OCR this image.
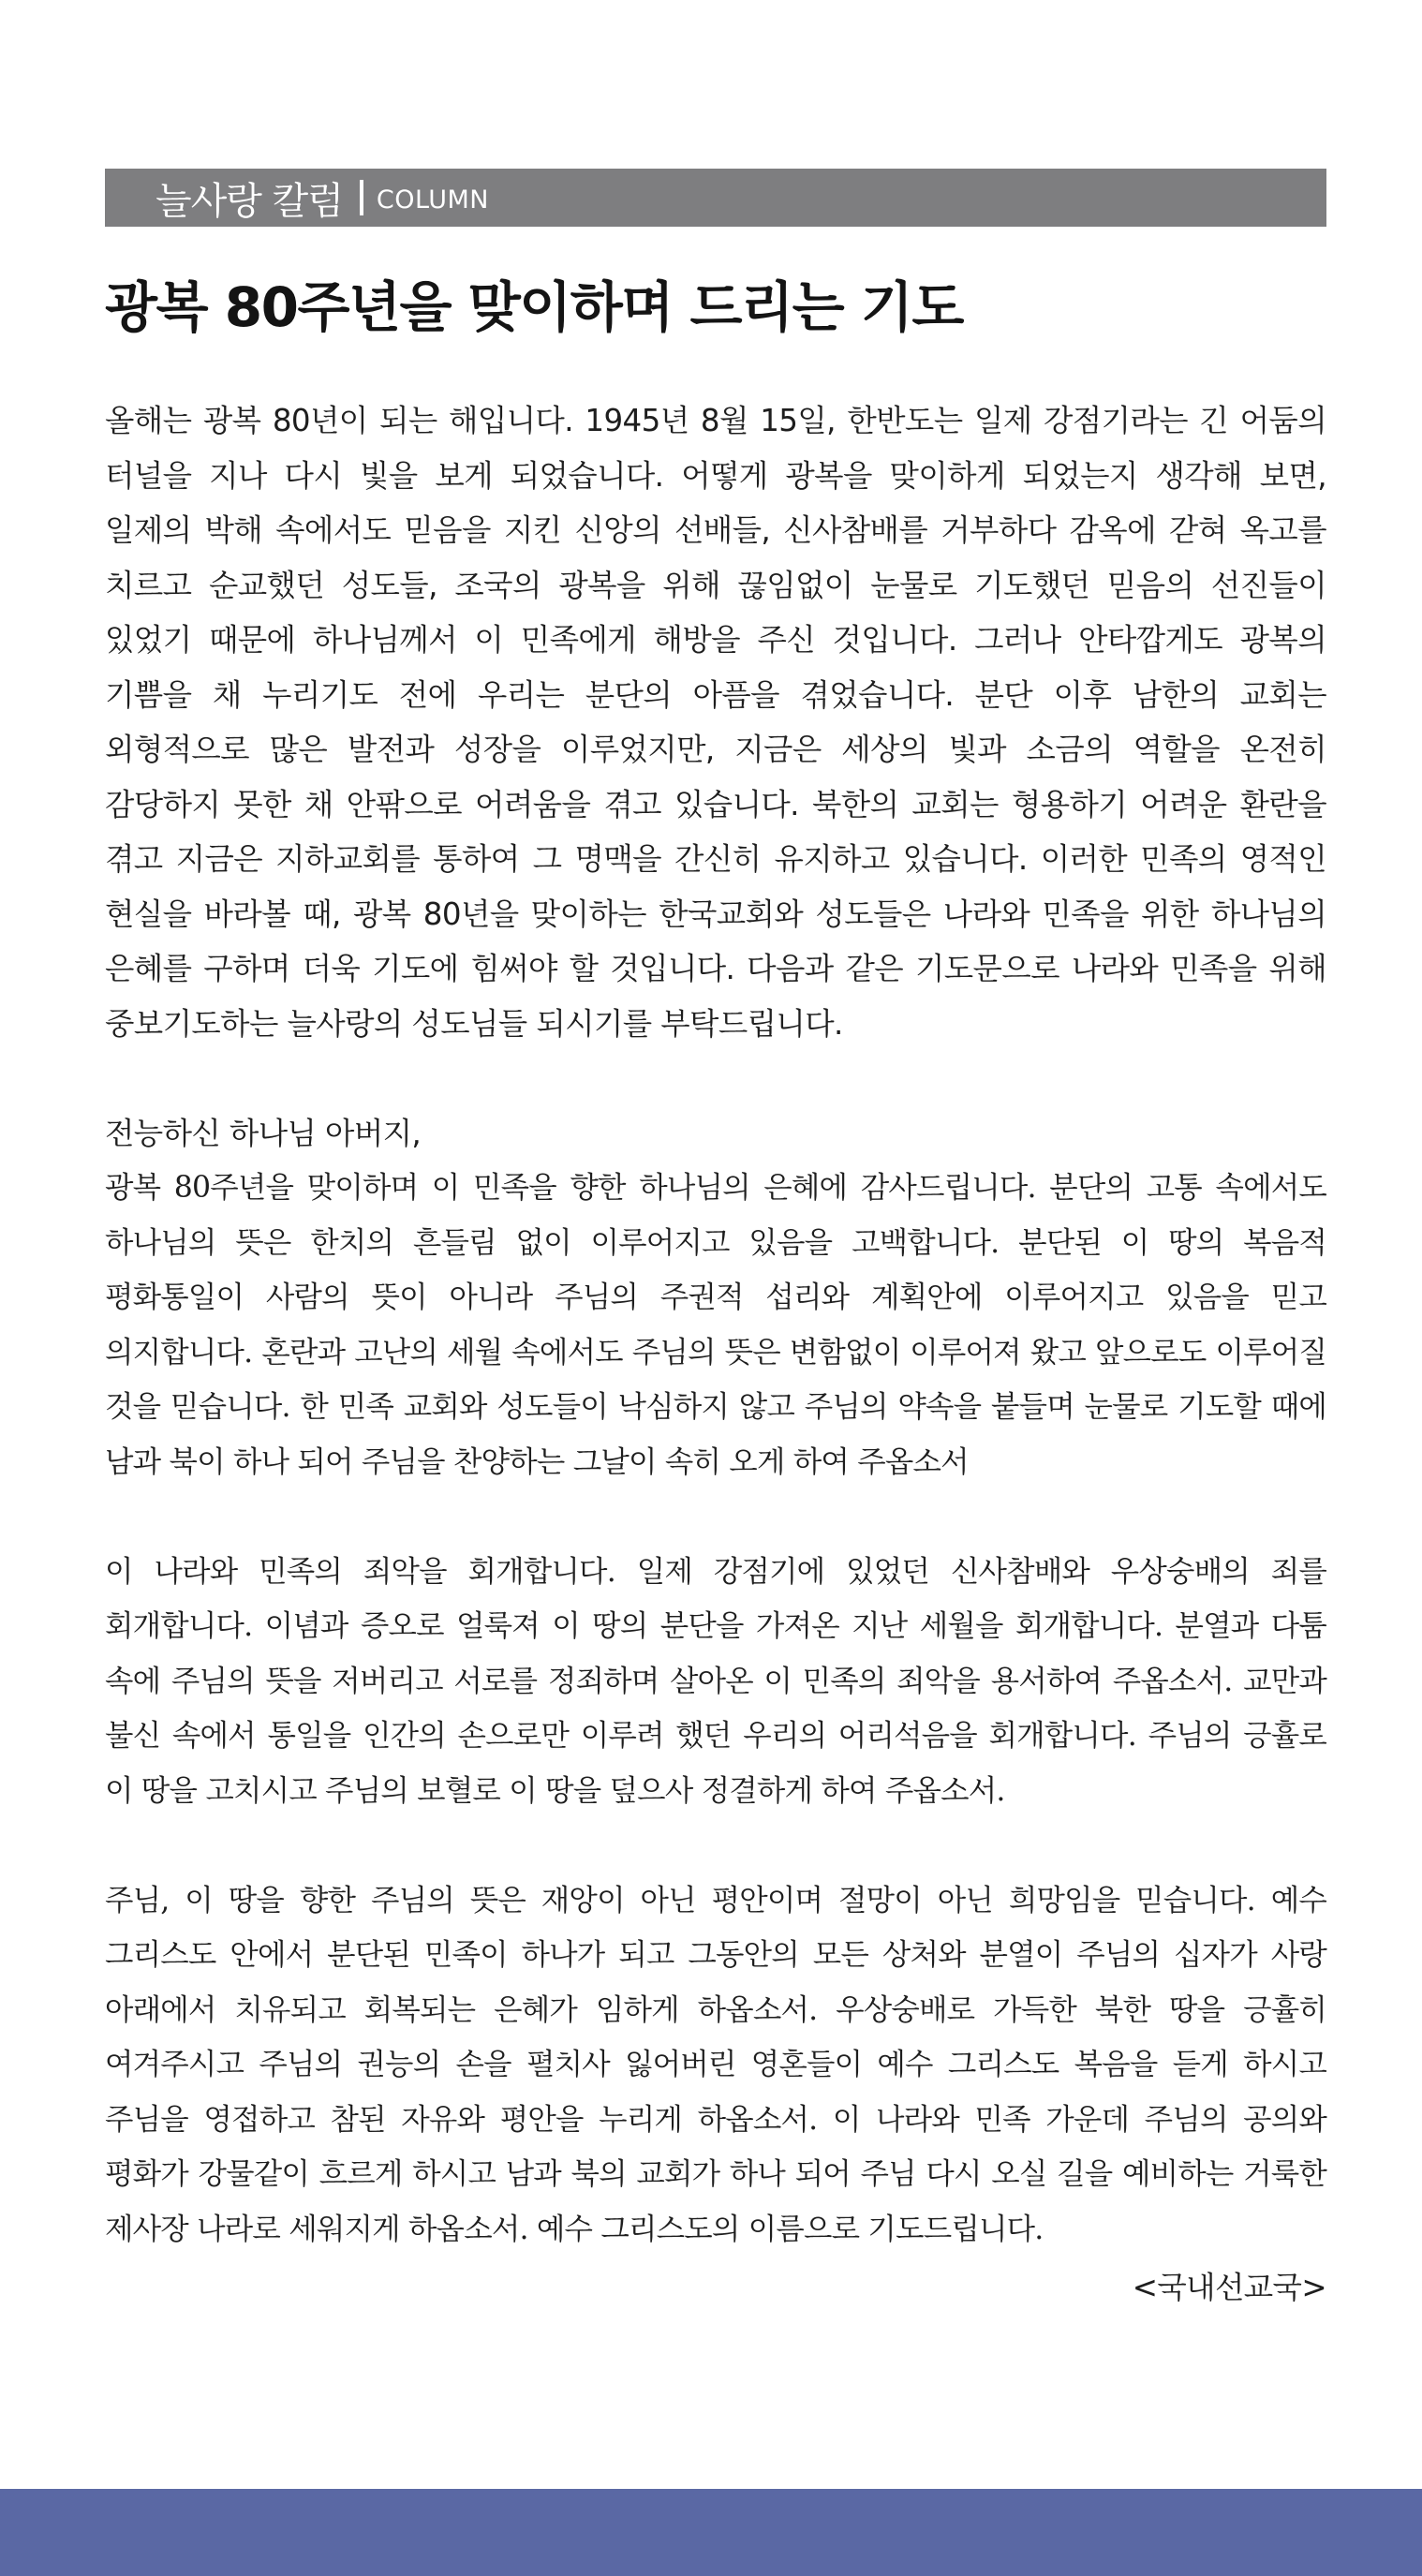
늘사랑 칼럼 COLUMN
광복 80주년을 맞이하며 드리는 기도

올해는 광복 80년이 되는 해입니다. 1945년 8월 15일, 한반도는 일제 강점기라는 긴 어둠의 터널을 지나 다시 빛을 보게 되었습니다. 어떻게 광복을 맞이하게 되었는지 생각해 보면, 일제의 박해 속에서도 믿음을 지킨 신앙의 선배들, 신사참배를 거부하다 감옥에 갇혀 옥고를 치르고 순교했던 성도들, 조국의 광복을 위해 끊임없이 눈물로 기도했던 믿음의 선진들이 있었기 때문에 하나님께서 이 민족에게 해방을 주신 것입니다. 그러나 안타깝게도 광복의 기쁨을 채 누리기도 전에 우리는 분단의 아픔을 겪었습니다. 분단 이후 남한의 교회는 외형적으로 많은 발전과 성장을 이루었지만, 지금은 세상의 빛과 소금의 역할을 온전히 감당하지 못한 채 안팎으로 어려움을 겪고 있습니다. 북한의 교회는 형용하기 어려운 환란을 겪고 지금은 지하교회를 통하여 그 명맥을 간신히 유지하고 있습니다. 이러한 민족의 영적인 현실을 바라볼 때, 광복 80년을 맞이하는 한국교회와 성도들은 나라와 민족을 위한 하나님의 은혜를 구하며 더욱 기도에 힘써야 할 것입니다. 다음과 같은 기도문으로 나라와 민족을 위해 중보기도하는 늘사랑의 성도님들 되시기를 부탁드립니다.

전능하신 하나님 아버지,

광복 80주년을 맞이하며 이 민족을 향한 하나님의 은혜에 감사드립니다. 분단의 고통 속에서도 하나님의 뜻은 한치의 흔들림 없이 이루어지고 있음을 고백합니다. 분단된 이 땅의 복음적 평화통일이 사람의 뜻이 아니라 주님의 주권적 섭리와 계획안에 이루어지고 있음을 믿고 의지합니다. 혼란과 고난의 세월 속에서도 주님의 뜻은 변함없이 이루어져 왔고 앞으로도 이루어질 것을 믿습니다. 한 민족 교회와 성도들이 낙심하지 않고 주님의 약속을 붙들며 눈물로 기도할 때에 남과 북이 하나 되어 주님을 찬양하는 그날이 속히 오게 하여 주옵소서

이 나라와 민족의 죄악을 회개합니다. 일제 강점기에 있었던 신사참배와 우상숭배의 죄를 회개합니다. 이념과 증오로 얼룩져 이 땅의 분단을 가져온 지난 세월을 회개합니다. 분열과 다툼 속에 주님의 뜻을 저버리고 서로를 정죄하며 살아온 이 민족의 죄악을 용서하여 주옵소서. 교만과 불신 속에서 통일을 인간의 손으로만 이루려 했던 우리의 어리석음을 회개합니다. 주님의 긍휼로 이 땅을 고치시고 주님의 보혈로 이 땅을 덮으사 정결하게 하여 주옵소서.

주님, 이 땅을 향한 주님의 뜻은 재앙이 아닌 평안이며 절망이 아닌 희망임을 믿습니다. 예수 그리스도 안에서 분단된 민족이 하나가 되고 그동안의 모든 상처와 분열이 주님의 십자가 사랑 아래에서 치유되고 회복되는 은혜가 임하게 하옵소서. 우상숭배로 가득한 북한 땅을 긍휼히 여겨주시고 주님의 권능의 손을 펼치사 잃어버린 영혼들이 예수 그리스도 복음을 듣게 하시고 주님을 영접하고 참된 자유와 평안을 누리게 하옵소서. 이 나라와 민족 가운데 주님의 공의와 평화가 강물같이 흐르게 하시고 남과 북의 교회가 하나 되어 주님 다시 오실 길을 예비하는 거룩한 제사장 나라로 세워지게 하옵소서. 예수 그리스도의 이름으로 기도드립니다.

<국내선교국>
